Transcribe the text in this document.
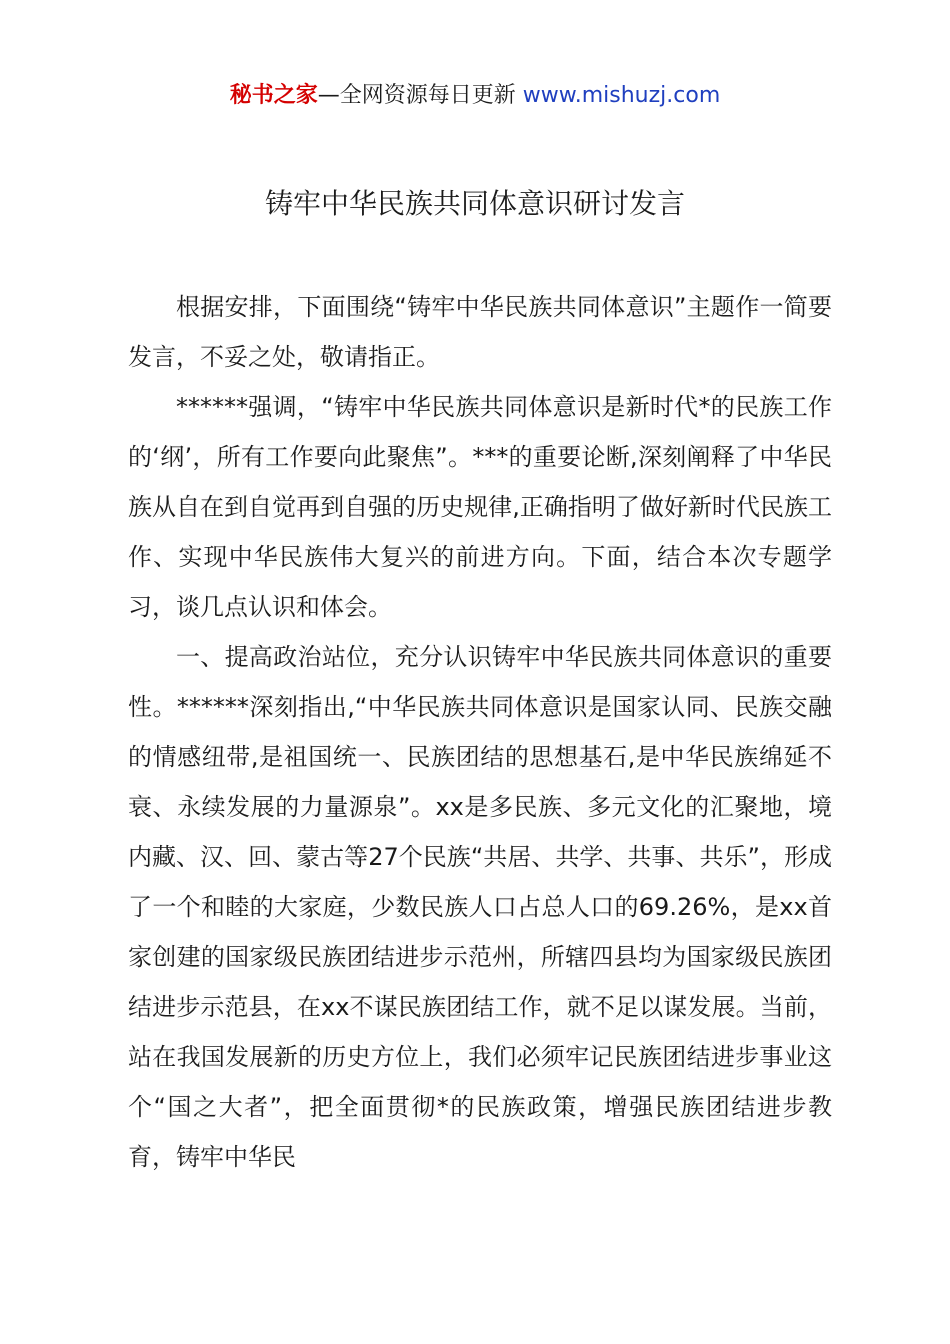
秘书之家—全网资源每日更新 www.mishuzj.com
铸牢中华民族共同体意识研讨发言

根据安排，下面围绕“铸牢中华民族共同体意识”主题作一简要发言，不妥之处，敬请指正。

******强调，“铸牢中华民族共同体意识是新时代*的民族工作的‘纲’，所有工作要向此聚焦”。***的重要论断,深刻阐释了中华民族从自在到自觉再到自强的历史规律,正确指明了做好新时代民族工作、实现中华民族伟大复兴的前进方向。下面，结合本次专题学习，谈几点认识和体会。

一、提高政治站位，充分认识铸牢中华民族共同体意识的重要性。******深刻指出,“中华民族共同体意识是国家认同、民族交融的情感纽带,是祖国统一、民族团结的思想基石,是中华民族绵延不衰、永续发展的力量源泉”。xx是多民族、多元文化的汇聚地，境内藏、汉、回、蒙古等27个民族“共居、共学、共事、共乐”，形成了一个和睦的大家庭，少数民族人口占总人口的69.26%，是xx首家创建的国家级民族团结进步示范州，所辖四县均为国家级民族团结进步示范县，在xx不谋民族团结工作，就不足以谋发展。当前，站在我国发展新的历史方位上，我们必须牢记民族团结进步事业这个“国之大者”，把全面贯彻*的民族政策，增强民族团结进步教育，铸牢中华民
